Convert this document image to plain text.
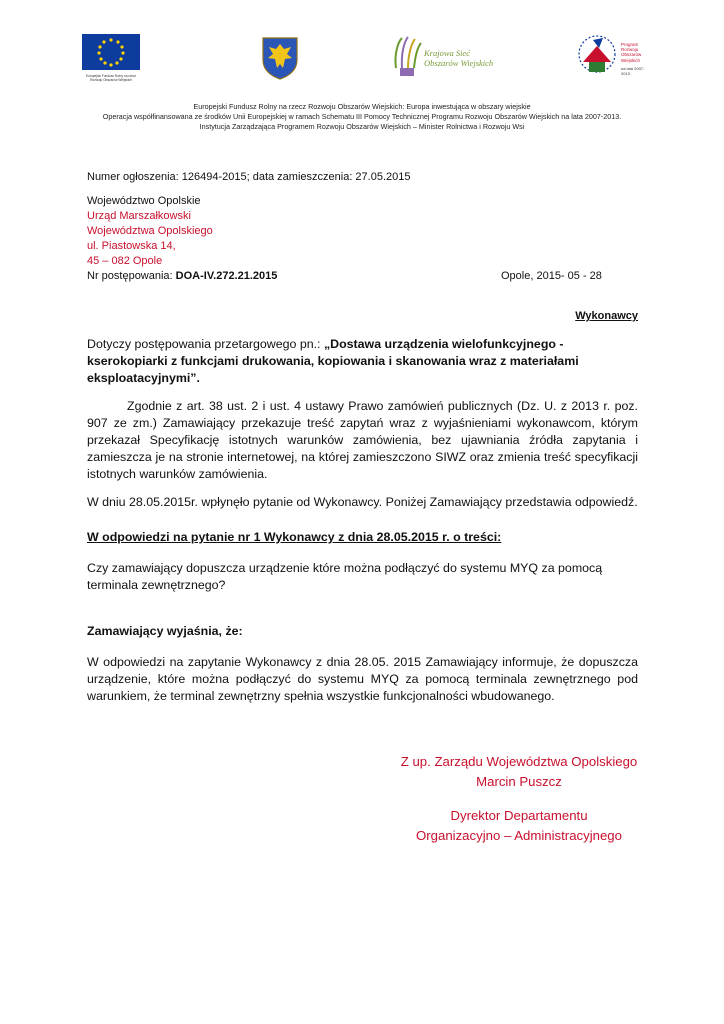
Europejski Fundusz Rolny na rzecz Rozwoju Obszarów Wiejskich
Krajowa Sieć Obszarów Wiejskich
Program Rozwoju Obszarów Wiejskich
na lata 2007-2013
Europejski Fundusz Rolny na rzecz Rozwoju Obszarów Wiejskich: Europa inwestująca w obszary wiejskie
Operacja współfinansowana ze środków Unii Europejskiej w ramach Schematu III Pomocy Technicznej Programu Rozwoju Obszarów Wiejskich na lata 2007-2013.
Instytucja Zarządzająca Programem Rozwoju Obszarów Wiejskich – Minister Rolnictwa i Rozwoju Wsi
Numer ogłoszenia: 126494-2015; data zamieszczenia: 27.05.2015
Województwo Opolskie
Urząd Marszałkowski
Województwa Opolskiego
ul. Piastowska 14,
45 – 082 Opole
Nr postępowania: DOA-IV.272.21.2015	Opole, 2015- 05 - 28
Wykonawcy
Dotyczy postępowania przetargowego pn.: „Dostawa urządzenia wielofunkcyjnego - kserokopiarki z funkcjami drukowania, kopiowania i skanowania wraz z materiałami eksploatacyjnymi”.
Zgodnie z art. 38 ust. 2 i ust. 4 ustawy Prawo zamówień publicznych (Dz. U. z 2013 r. poz. 907 ze zm.) Zamawiający przekazuje treść zapytań wraz z wyjaśnieniami wykonawcom, którym przekazał Specyfikację istotnych warunków zamówienia, bez ujawniania źródła zapytania i zamieszcza je na stronie internetowej, na której zamieszczono SIWZ oraz zmienia treść specyfikacji istotnych warunków zamówienia.
W dniu 28.05.2015r. wpłynęło pytanie od Wykonawcy. Poniżej Zamawiający przedstawia odpowiedź.
W odpowiedzi na pytanie nr 1 Wykonawcy z dnia 28.05.2015 r. o treści:
Czy zamawiający dopuszcza urządzenie które można podłączyć do systemu MYQ za pomocą terminala zewnętrznego?
Zamawiający wyjaśnia, że:
W odpowiedzi na zapytanie Wykonawcy z dnia 28.05. 2015 Zamawiający informuje, że dopuszcza urządzenie, które można podłączyć do systemu MYQ za pomocą terminala zewnętrznego pod warunkiem, że terminal zewnętrzny spełnia wszystkie funkcjonalności wbudowanego.
Z up. Zarządu Województwa Opolskiego
Marcin Puszcz
Dyrektor Departamentu
Organizacyjno – Administracyjnego
